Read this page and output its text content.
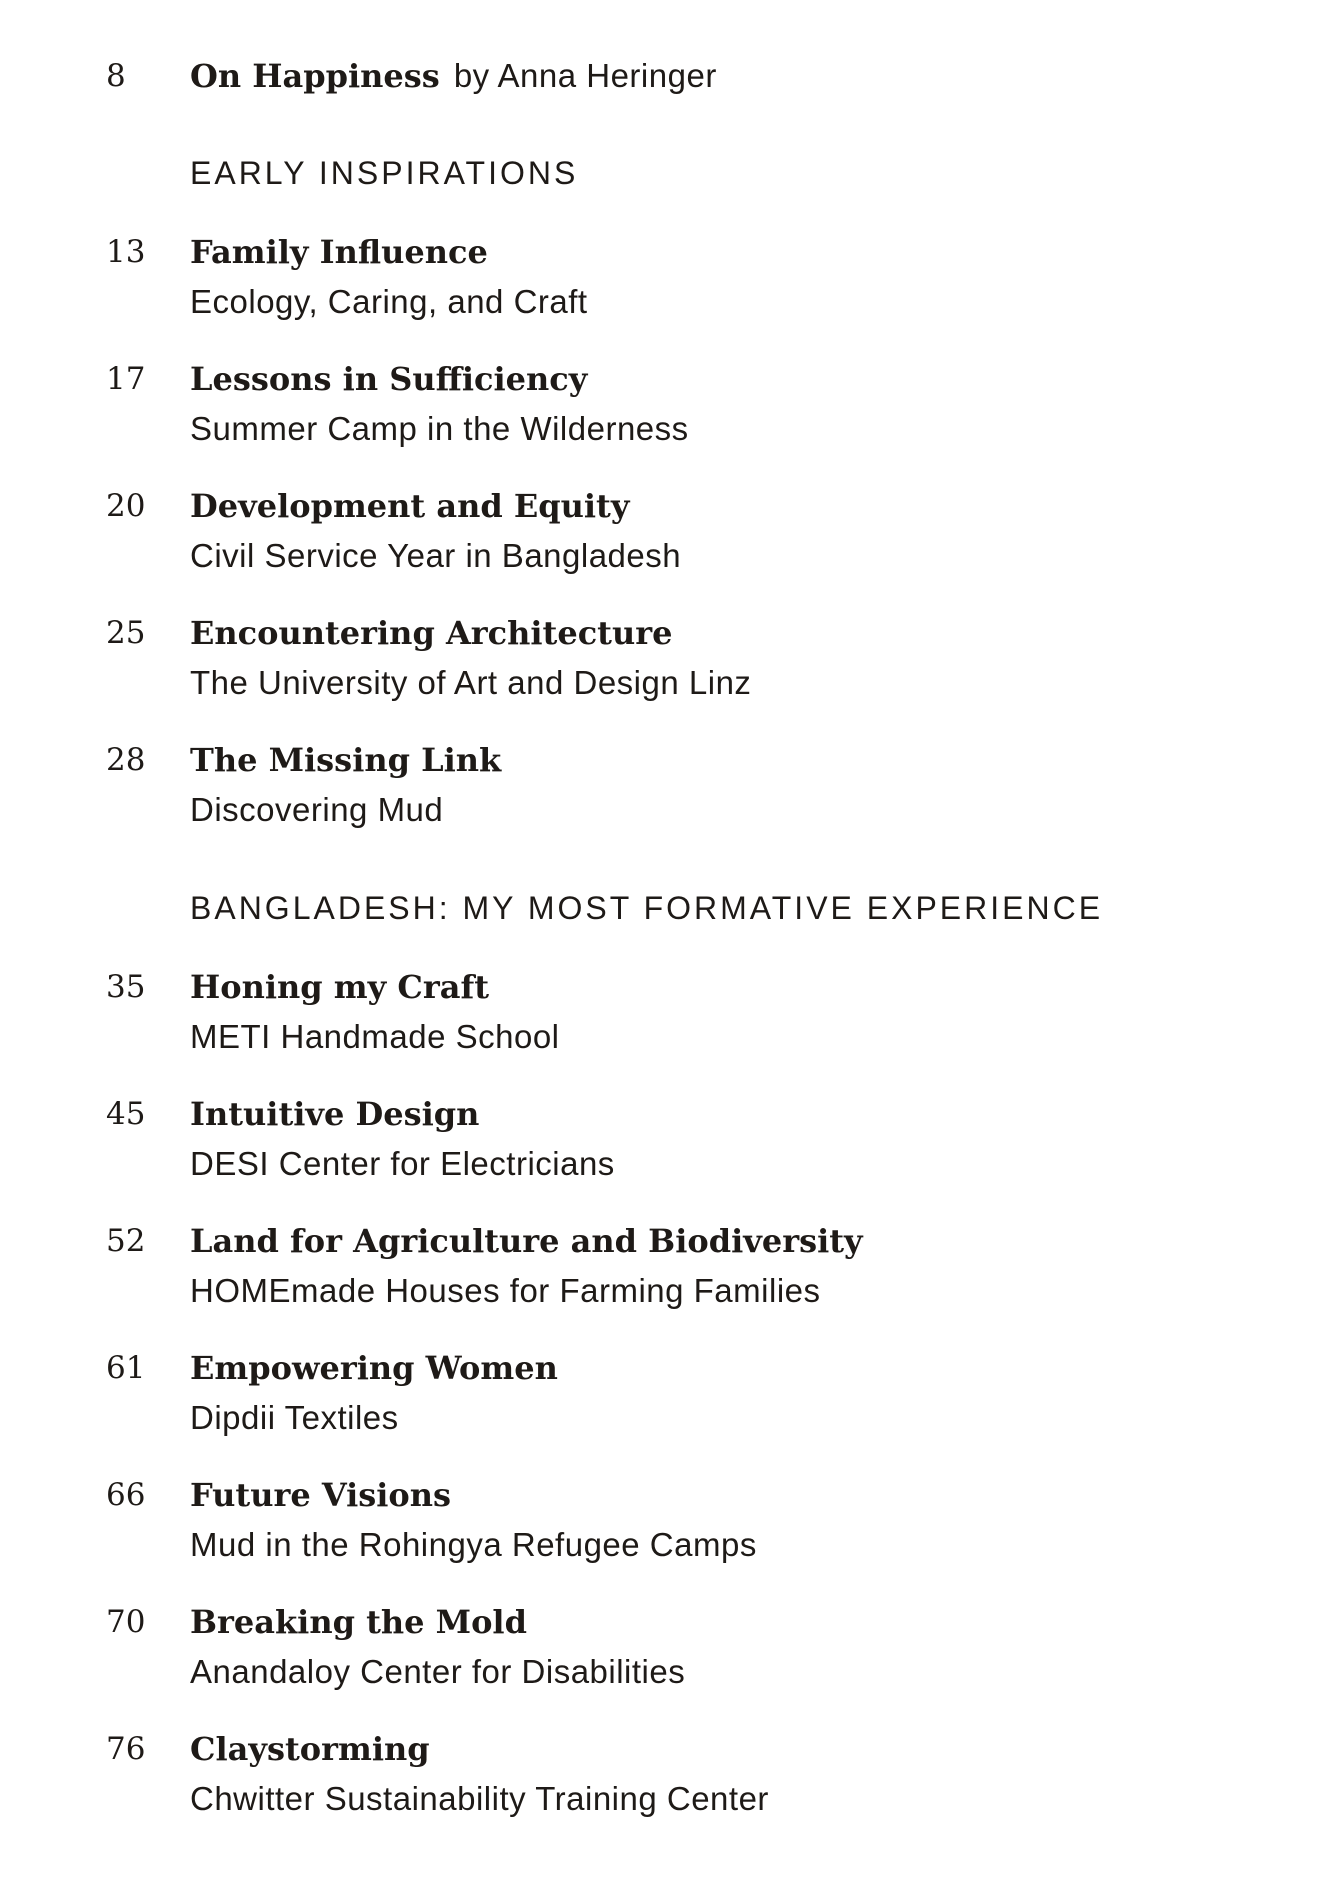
8 On Happiness by Anna Heringer
EARLY INSPIRATIONS
13 Family Influence
Ecology, Caring, and Craft
17 Lessons in Sufficiency
Summer Camp in the Wilderness
20 Development and Equity
Civil Service Year in Bangladesh
25 Encountering Architecture
The University of Art and Design Linz
28 The Missing Link
Discovering Mud
BANGLADESH: MY MOST FORMATIVE EXPERIENCE
35 Honing my Craft
METI Handmade School
45 Intuitive Design
DESI Center for Electricians
52 Land for Agriculture and Biodiversity
HOMEmade Houses for Farming Families
61 Empowering Women
Dipdii Textiles
66 Future Visions
Mud in the Rohingya Refugee Camps
70 Breaking the Mold
Anandaloy Center for Disabilities
76 Claystorming
Chwitter Sustainability Training Center
